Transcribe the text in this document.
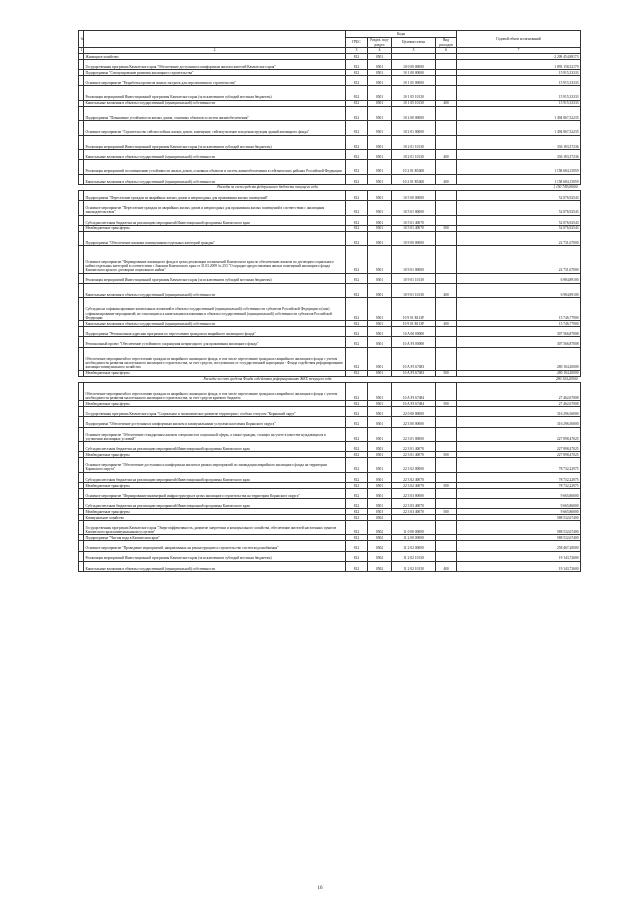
№		Коды				Годовой объем ассигнований
		ГРБС	Раздел, под-раздел	Целевая статья	Вид расходов	
1	2	3	4	5	6	7
	Жилищное хозяйство	812	0501			2 209 454,88173
	Государственная программа Камчатского края "Обеспечение доступным и комфортным жильем жителей Камчатского края"	812	0501	10 0 00 00000		1 893 158,32179
	Подпрограмма "Стимулирование развития жилищного строительства"	812	0501	10 1 00 00000		15 915,33333
	Основное мероприятие "Разработка проектов жилых застроек для перспективного строительства"	812	0501	10 1 05 00000		15 915,33333
	Реализация мероприятий Инвестиционной программы Камчатского края (за исключением субсидий местным бюджетам)	812	0501	10 1 05 10130		15 915,33333
	Капитальные вложения в объекты государственной (муниципальной) собственности	812	0501	10 1 05 10130	400	15 915,33333
	Подпрограмма "Повышение устойчивости жилых домов, основных объектов и систем жизнеобеспечения"	812	0501	10 2 00 00000		1 494 867,52235
	Основное мероприятие "Строительство сейсмостойких жилых домов, замещение, сейсмоусиление или реконструкция зданий жилищного фонда"	812	0501	10 2 01 00000		1 494 867,52235
	Реализация мероприятий Инвестиционной программы Камчатского края (за исключением субсидий местным бюджетам)	812	0501	10 2 01 10130		336 183,37236
	Капитальные вложения в объекты государственной (муниципальной) собственности	812	0501	10 2 01 10130	400	336 183,37236
	Реализация мероприятий по повышению устойчивости жилых домов, основных объектов и систем жизнеобеспечения в сейсмических районах Российской Федерации	812	0501	10 2 01 R5400		1 158 684,15059
	Капитальные вложения в объекты государственной (муниципальной) собственности	812	0501	10 2 01 R5400	400	1 158 684,15059
Расходы за счет средств федерального бюджета текущего года						1 150 749,00000
	Подпрограмма "Переселение граждан из аварийных жилых домов и непригодных для проживания жилых помещений"	812	0501	10 5 00 00000		52 076,92543
	Основное мероприятие "Переселение граждан из аварийных жилых домов и непригодных для проживания жилых помещений в соответствии с жилищным законодательством"	812	0501	10 5 01 00000		52 076,92543
	Субсидии местным бюджетам на реализацию мероприятий Инвестиционной программы Камчатского края	812	0501	10 5 01 40070		52 076,92543
	Межбюджетные трансферты	812	0501	10 5 01 40070	500	52 076,92543
	Подпрограмма "Обеспечение жилыми помещениями отдельных категорий граждан"	812	0501	10 9 00 00000		22 731,67000
	Основное мероприятие "Формирование жилищного фонда в целях реализации полномочий Камчатского края по обеспечению жильем по договорам социального найма отдельных категорий в соответствии с Законом Камчатского края от 31.03.2009 № 253 "О порядке предоставления жилых помещений жилищного фонда Камчатского края по договорам социального найма"	812	0501	10 9 01 00000		22 731,67000
	Реализация мероприятий Инвестиционной программы Камчатского края (за исключением субсидий местным бюджетам)	812	0501	10 9 01 10130		6 984,89100
	Капитальные вложения в объекты государственной (муниципальной) собственности	812	0501	10 9 01 10130	400	6 984,89100
	Субсидии на софинансирование капитальных вложений в объекты государственной (муниципальной) собственности субъектов Российской Федерации и (или) софинансирование мероприятий, не относящихся к капитальным вложениям в объекты государственной (муниципальной) собственности субъектов Российской Федерации	812	0501	10 9 01 R113F		15 746,77900
	Капитальные вложения в объекты государственной (муниципальной) собственности	812	0501	10 9 01 R113F	400	15 746,77900
	Подпрограмма "Региональная адресная программа по переселению граждан из аварийного жилищного фонда"	812	0501	10 A 00 00000		307 566,87008
	Региональный проект "Обеспечение устойчивого сокращения непригодного для проживания жилищного фонда"	812	0501	10 A F3 00000		307 566,87008
	Обеспечение мероприятий по переселению граждан из аварийного жилищного фонда, в том числе переселению граждан из аварийного жилищного фонда с учетом необходимости развития малоэтажного жилищного строительства, за счет средств, поступивших от государственной корпорации - Фонда содействия реформированию жилищно-коммунального хозяйства	812	0501	10 A F3 67483		280 104,20000
	Межбюджетные трансферты	812	0501	10 A F3 67483	500	280 104,20000
Расходы за счет средств Фонда содействия реформированию ЖКХ текущего года						280 104,20000
	Обеспечение мероприятий по переселению граждан из аварийного жилищного фонда, в том числе переселению граждан из аварийного жилищного фонда с учетом необходимости развития малоэтажного жилищного строительства, за счет средств краевого бюджета	812	0501	10 A F3 67484		27 462,67008
	Межбюджетные трансферты	812	0501	10 A F3 67484	500	27 462,67008
	Государственная программа Камчатского края "Социальное и экономическое развитие территории с особым статусом "Корякский округ"	812	0501	22 0 00 00000		316 296,56000
	Подпрограмма "Обеспечение доступным и комфортным жильем и коммунальными услугами населения Корякского округа"	812	0501	22 3 00 00000		316 296,56000
	Основное мероприятие "Обеспечение стандартным жильем специалистов социальной сферы, а также граждан, стоящих на учете в качестве нуждающихся в улучшении жилищных условий"	812	0501	22 3 01 00000		227 898,47025
	Субсидии местным бюджетам на реализацию мероприятий Инвестиционной программы Камчатского края	812	0501	22 3 01 40070		227 898,47025
	Межбюджетные трансферты	812	0501	22 3 01 40070	500	227 898,47025
	Основное мероприятие "Обеспечение доступным и комфортным жильем в рамках мероприятий по ликвидации аварийного жилищного фонда на территории Корякского округа"	812	0501	22 3 02 00000		78 732,22975
	Субсидии местным бюджетам на реализацию мероприятий Инвестиционной программы Камчатского края	812	0501	22 3 02 40070		78 732,22975
	Межбюджетные трансферты	812	0501	22 3 02 40070	500	78 732,22975
	Основное мероприятие "Формирование инженерной инфраструктуры в целях жилищного строительства на территории Корякского округа"	812	0501	22 3 03 00000		9 665,86000
	Субсидии местным бюджетам на реализацию мероприятий Инвестиционной программы Камчатского края	812	0501	22 3 03 40070		9 665,86000
	Межбюджетные трансферты	812	0501	22 3 03 40070	500	9 665,86000
	Коммунальное хозяйство	812	0502			588 532,67400
	Государственная программа Камчатского края "Энергоэффективность, развитие энергетики и коммунального хозяйства, обеспечение жителей населенных пунктов Камчатского края коммунальными услугами"	812	0502	11 0 00 00000		588 532,67400
	Подпрограмма "Чистая вода в Камчатском крае"	812	0502	11 2 00 00000		588 532,67400
	Основное мероприятие "Проведение мероприятий, направленных на реконструкцию и строительство систем водоснабжения"	812	0502	11 2 02 00000		258 467,20000
	Реализация мероприятий Инвестиционной программы Камчатского края (за исключением субсидий местным бюджетам)	812	0502	11 2 02 10130		19 143,72600
	Капитальные вложения в объекты государственной (муниципальной) собственности	812	0502	11 2 02 10130	400	19 143,72600
16
